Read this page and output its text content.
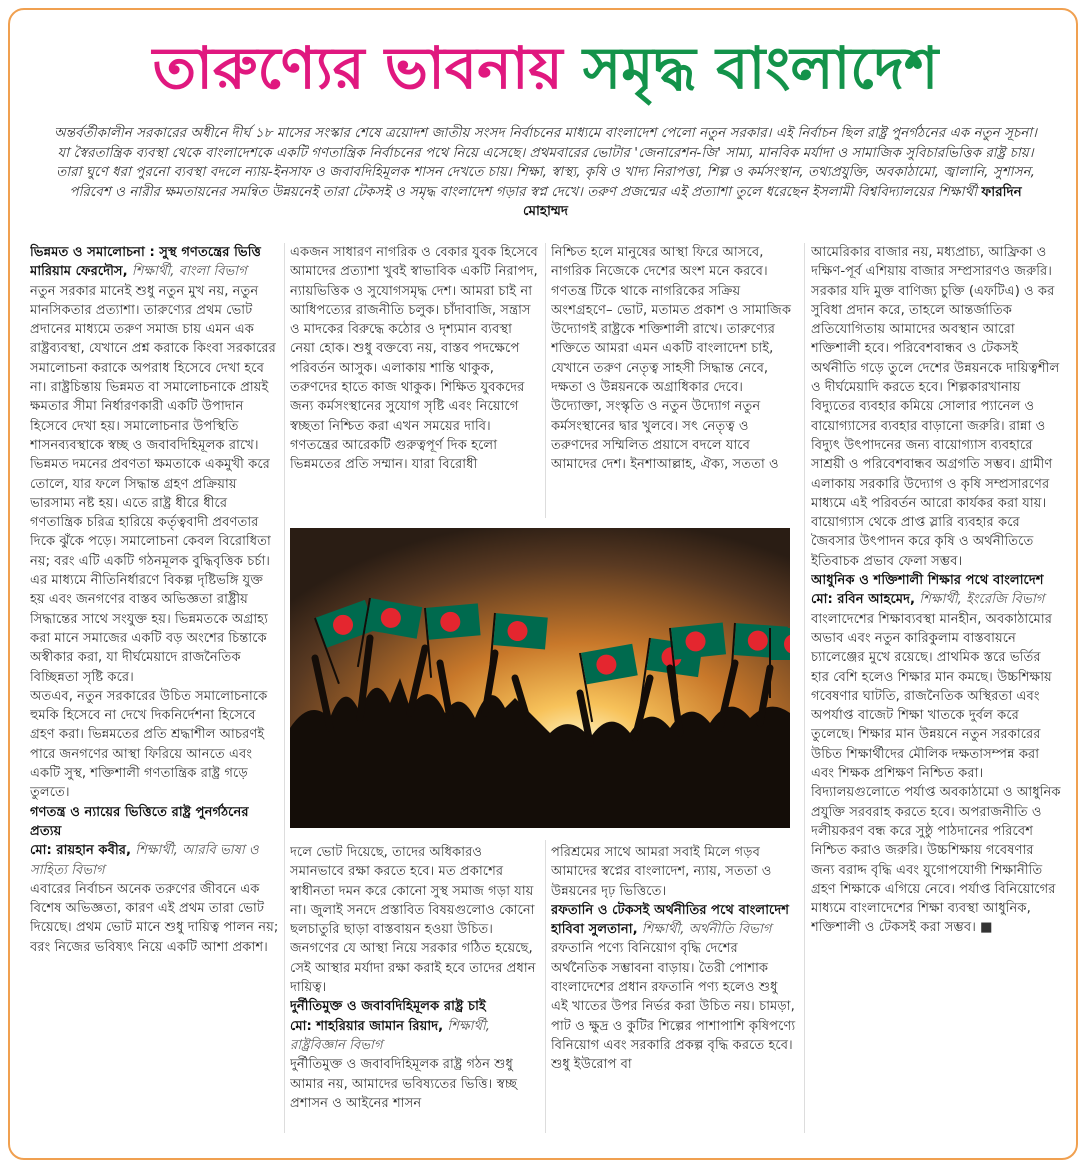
তারুণ্যের ভাবনায় সমৃদ্ধ বাংলাদেশ
অন্তর্বর্তীকালীন সরকারের অধীনে দীর্ঘ ১৮ মাসের সংস্কার শেষে ত্রয়োদশ জাতীয় সংসদ নির্বাচনের মাধ্যমে বাংলাদেশ পেলো নতুন সরকার। এই নির্বাচন ছিল রাষ্ট্র পুনর্গঠনের এক নতুন সূচনা। যা স্বৈরতান্ত্রিক ব্যবস্থা থেকে বাংলাদেশকে একটি গণতান্ত্রিক নির্বাচনের পথে নিয়ে এসেছে। প্রথমবারের ভোটার 'জেনারেশন-জি' সাম্য, মানবিক মর্যাদা ও সামাজিক সুবিচারভিত্তিক রাষ্ট্র চায়। তারা ঘুণে ধরা পুরনো ব্যবস্থা বদলে ন্যায়-ইনসাফ ও জবাবদিহিমূলক শাসন দেখতে চায়। শিক্ষা, স্বাস্থ্য, কৃষি ও খাদ্য নিরাপত্তা, শিল্প ও কর্মসংস্থান, তথ্যপ্রযুক্তি, অবকাঠামো, জ্বালানি, সুশাসন, পরিবেশ ও নারীর ক্ষমতায়নের সমন্বিত উন্নয়নেই তারা টেকসই ও সমৃদ্ধ বাংলাদেশ গড়ার স্বপ্ন দেখে। তরুণ প্রজন্মের এই প্রত্যাশা তুলে ধরেছেন ইসলামী বিশ্ববিদ্যালয়ের শিক্ষার্থী ফারদিন মোহাম্মদ

ভিন্নমত ও সমালোচনা : সুস্থ গণতন্ত্রের ভিত্তি

মারিয়াম ফেরদৌস, শিক্ষার্থী, বাংলা বিভাগ

নতুন সরকার মানেই শুধু নতুন মুখ নয়, নতুন মানসিকতার প্রত্যাশা। তারুণ্যের প্রথম ভোট প্রদানের মাধ্যমে তরুণ সমাজ চায় এমন এক রাষ্ট্রব্যবস্থা, যেখানে প্রশ্ন করাকে কিংবা সরকারের সমালোচনা করাকে অপরাধ হিসেবে দেখা হবে না। রাষ্ট্রচিন্তায় ভিন্নমত বা সমালোচনাকে প্রায়ই ক্ষমতার সীমা নির্ধারণকারী একটি উপাদান হিসেবে দেখা হয়। সমালোচনার উপস্থিতি শাসনব্যবস্থাকে স্বচ্ছ ও জবাবদিহিমূলক রাখে। ভিন্নমত দমনের প্রবণতা ক্ষমতাকে একমুখী করে তোলে, যার ফলে সিদ্ধান্ত গ্রহণ প্রক্রিয়ায় ভারসাম্য নষ্ট হয়। এতে রাষ্ট্র ধীরে ধীরে গণতান্ত্রিক চরিত্র হারিয়ে কর্তৃত্ববাদী প্রবণতার দিকে ঝুঁকে পড়ে। সমালোচনা কেবল বিরোধিতা নয়; বরং এটি একটি গঠনমূলক বুদ্ধিবৃত্তিক চর্চা। এর মাধ্যমে নীতিনির্ধারণে বিকল্প দৃষ্টিভঙ্গি যুক্ত হয় এবং জনগণের বাস্তব অভিজ্ঞতা রাষ্ট্রীয় সিদ্ধান্তের সাথে সংযুক্ত হয়। ভিন্নমতকে অগ্রাহ্য করা মানে সমাজের একটি বড় অংশের চিন্তাকে অস্বীকার করা, যা দীর্ঘমেয়াদে রাজনৈতিক বিচ্ছিন্নতা সৃষ্টি করে।

অতএব, নতুন সরকারের উচিত সমালোচনাকে হুমকি হিসেবে না দেখে দিকনির্দেশনা হিসেবে গ্রহণ করা। ভিন্নমতের প্রতি শ্রদ্ধাশীল আচরণই পারে জনগণের আস্থা ফিরিয়ে আনতে এবং একটি সুস্থ, শক্তিশালী গণতান্ত্রিক রাষ্ট্র গড়ে তুলতে।

গণতন্ত্র ও ন্যায়ের ভিত্তিতে রাষ্ট্র পুনর্গঠনের প্রত্যয়

মো: রায়হান কবীর, শিক্ষার্থী, আরবি ভাষা ও সাহিত্য বিভাগ

এবারের নির্বাচন অনেক তরুণের জীবনে এক বিশেষ অভিজ্ঞতা, কারণ এই প্রথম তারা ভোট দিয়েছে। প্রথম ভোট মানে শুধু দায়িত্ব পালন নয়; বরং নিজের ভবিষ্যৎ নিয়ে একটি আশা প্রকাশ।

একজন সাধারণ নাগরিক ও বেকার যুবক হিসেবে আমাদের প্রত্যাশা খুবই স্বাভাবিক একটি নিরাপদ, ন্যায়ভিত্তিক ও সুযোগসমৃদ্ধ দেশ। আমরা চাই না আধিপত্যের রাজনীতি চলুক। চাঁদাবাজি, সন্ত্রাস ও মাদকের বিরুদ্ধে কঠোর ও দৃশ্যমান ব্যবস্থা নেয়া হোক। শুধু বক্তব্যে নয়, বাস্তব পদক্ষেপে পরিবর্তন আসুক। এলাকায় শান্তি থাকুক, তরুণদের হাতে কাজ থাকুক। শিক্ষিত যুবকদের জন্য কর্মসংস্থানের সুযোগ সৃষ্টি এবং নিয়োগে স্বচ্ছতা নিশ্চিত করা এখন সময়ের দাবি। গণতন্ত্রের আরেকটি গুরুত্বপূর্ণ দিক হলো ভিন্নমতের প্রতি সম্মান। যারা বিরোধী

নিশ্চিত হলে মানুষের আস্থা ফিরে আসবে, নাগরিক নিজেকে দেশের অংশ মনে করবে। গণতন্ত্র টিকে থাকে নাগরিকের সক্রিয় অংশগ্রহণে– ভোট, মতামত প্রকাশ ও সামাজিক উদ্যোগই রাষ্ট্রকে শক্তিশালী রাখে। তারুণ্যের শক্তিতে আমরা এমন একটি বাংলাদেশ চাই, যেখানে তরুণ নেতৃত্ব সাহসী সিদ্ধান্ত নেবে, দক্ষতা ও উন্নয়নকে অগ্রাধিকার দেবে। উদ্যোক্তা, সংস্কৃতি ও নতুন উদ্যোগ নতুন কর্মসংস্থানের দ্বার খুলবে। সৎ নেতৃত্ব ও তরুণদের সম্মিলিত প্রয়াসে বদলে যাবে আমাদের দেশ। ইনশাআল্লাহ, ঐক্য, সততা ও

দলে ভোট দিয়েছে, তাদের অধিকারও সমানভাবে রক্ষা করতে হবে। মত প্রকাশের স্বাধীনতা দমন করে কোনো সুস্থ সমাজ গড়া যায় না। জুলাই সনদে প্রস্তাবিত বিষয়গুলোও কোনো ছলচাতুরি ছাড়া বাস্তবায়ন হওয়া উচিত। জনগণের যে আস্থা নিয়ে সরকার গঠিত হয়েছে, সেই আস্থার মর্যাদা রক্ষা করাই হবে তাদের প্রধান দায়িত্ব।

দুর্নীতিমুক্ত ও জবাবদিহিমূলক রাষ্ট্র চাই

মো: শাহরিয়ার জামান রিয়াদ, শিক্ষার্থী, রাষ্ট্রবিজ্ঞান বিভাগ

দুর্নীতিমুক্ত ও জবাবদিহিমূলক রাষ্ট্র গঠন শুধু আমার নয়, আমাদের ভবিষ্যতের ভিত্তি। স্বচ্ছ প্রশাসন ও আইনের শাসন

পরিশ্রমের সাথে আমরা সবাই মিলে গড়ব আমাদের স্বপ্নের বাংলাদেশ, ন্যায়, সততা ও উন্নয়নের দৃঢ় ভিত্তিতে।

রফতানি ও টেকসই অর্থনীতির পথে বাংলাদেশ

হাবিবা সুলতানা, শিক্ষার্থী, অর্থনীতি বিভাগ

রফতানি পণ্যে বিনিয়োগ বৃদ্ধি দেশের অর্থনৈতিক সম্ভাবনা বাড়ায়। তৈরী পোশাক বাংলাদেশের প্রধান রফতানি পণ্য হলেও শুধু এই খাতের উপর নির্ভর করা উচিত নয়। চামড়া, পাট ও ক্ষুদ্র ও কুটির শিল্পের পাশাপাশি কৃষিপণ্যে বিনিয়োগ এবং সরকারি প্রকল্প বৃদ্ধি করতে হবে। শুধু ইউরোপ বা

আমেরিকার বাজার নয়, মধ্যপ্রাচ্য, আফ্রিকা ও দক্ষিণ-পূর্ব এশিয়ায় বাজার সম্প্রসারণও জরুরি। সরকার যদি মুক্ত বাণিজ্য চুক্তি (এফটিএ) ও কর সুবিধা প্রদান করে, তাহলে আন্তর্জাতিক প্রতিযোগিতায় আমাদের অবস্থান আরো শক্তিশালী হবে। পরিবেশবান্ধব ও টেকসই অর্থনীতি গড়ে তুলে দেশের উন্নয়নকে দায়িত্বশীল ও দীর্ঘমেয়াদি করতে হবে। শিল্পকারখানায় বিদ্যুতের ব্যবহার কমিয়ে সোলার প্যানেল ও বায়োগ্যাসের ব্যবহার বাড়ানো জরুরি। রান্না ও বিদ্যুৎ উৎপাদনের জন্য বায়োগ্যাস ব্যবহারে সাশ্রয়ী ও পরিবেশবান্ধব অগ্রগতি সম্ভব। গ্রামীণ এলাকায় সরকারি উদ্যোগ ও কৃষি সম্প্রসারণের মাধ্যমে এই পরিবর্তন আরো কার্যকর করা যায়। বায়োগ্যাস থেকে প্রাপ্ত স্লারি ব্যবহার করে জৈবসার উৎপাদন করে কৃষি ও অর্থনীতিতে ইতিবাচক প্রভাব ফেলা সম্ভব।

আধুনিক ও শক্তিশালী শিক্ষার পথে বাংলাদেশ

মো: রবিন আহমেদ, শিক্ষার্থী, ইংরেজি বিভাগ

বাংলাদেশের শিক্ষাব্যবস্থা মানহীন, অবকাঠামোর অভাব এবং নতুন কারিকুলাম বাস্তবায়নে চ্যালেঞ্জের মুখে রয়েছে। প্রাথমিক স্তরে ভর্তির হার বেশি হলেও শিক্ষার মান কমছে। উচ্চশিক্ষায় গবেষণার ঘাটতি, রাজনৈতিক অস্থিরতা এবং অপর্যাপ্ত বাজেট শিক্ষা খাতকে দুর্বল করে তুলেছে। শিক্ষার মান উন্নয়নে নতুন সরকারের উচিত শিক্ষার্থীদের মৌলিক দক্ষতাসম্পন্ন করা এবং শিক্ষক প্রশিক্ষণ নিশ্চিত করা। বিদ্যালয়গুলোতে পর্যাপ্ত অবকাঠামো ও আধুনিক প্রযুক্তি সরবরাহ করতে হবে। অপরাজনীতি ও দলীয়করণ বন্ধ করে সুষ্ঠু পাঠদানের পরিবেশ নিশ্চিত করাও জরুরি। উচ্চশিক্ষায় গবেষণার জন্য বরাদ্দ বৃদ্ধি এবং যুগোপযোগী শিক্ষানীতি গ্রহণ শিক্ষাকে এগিয়ে নেবে। পর্যাপ্ত বিনিয়োগের মাধ্যমে বাংলাদেশের শিক্ষা ব্যবস্থা আধুনিক, শক্তিশালী ও টেকসই করা সম্ভব। ■
